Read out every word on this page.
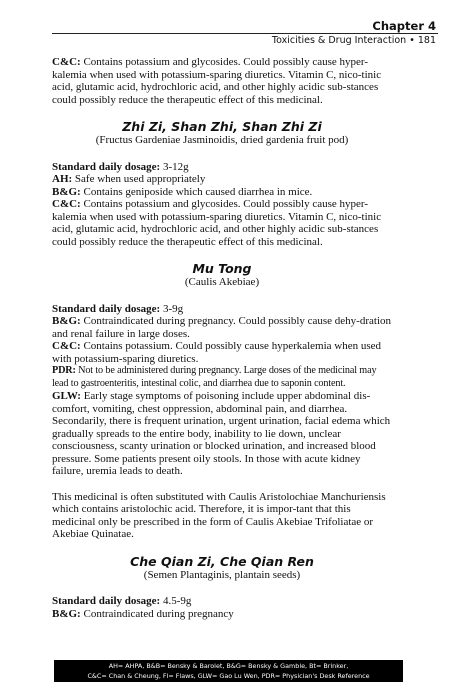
Chapter 4
Toxicities & Drug Interaction • 181

C&C: Contains potassium and glycosides. Could possibly cause hyper-kalemia when used with potassium-sparing diuretics. Vitamin C, nico-tinic acid, glutamic acid, hydrochloric acid, and other highly acidic sub-stances could possibly reduce the therapeutic effect of this medicinal.

Zhi Zi, Shan Zhi, Shan Zhi Zi

(Fructus Gardeniae Jasminoidis, dried gardenia fruit pod)

Standard daily dosage: 3-12g

AH: Safe when used appropriately

B&G: Contains geniposide which caused diarrhea in mice.

C&C: Contains potassium and glycosides. Could possibly cause hyper-kalemia when used with potassium-sparing diuretics. Vitamin C, nico-tinic acid, glutamic acid, hydrochloric acid, and other highly acidic sub-stances could possibly reduce the therapeutic effect of this medicinal.

Mu Tong

(Caulis Akebiae)

Standard daily dosage: 3-9g

B&G: Contraindicated during pregnancy. Could possibly cause dehy-dration and renal failure in large doses.

C&C: Contains potassium. Could possibly cause hyperkalemia when used with potassium-sparing diuretics.

PDR: Not to be administered during pregnancy. Large doses of the medicinal may lead to gastroenteritis, intestinal colic, and diarrhea due to saponin content.

GLW: Early stage symptoms of poisoning include upper abdominal dis-comfort, vomiting, chest oppression, abdominal pain, and diarrhea. Secondarily, there is frequent urination, urgent urination, facial edema which gradually spreads to the entire body, inability to lie down, unclear consciousness, scanty urination or blocked urination, and increased blood pressure. Some patients present oily stools. In those with acute kidney failure, uremia leads to death.

This medicinal is often substituted with Caulis Aristolochiae Manchuriensis which contains aristolochic acid. Therefore, it is impor-tant that this medicinal only be prescribed in the form of Caulis Akebiae Trifoliatae or Akebiae Quinatae.

Che Qian Zi, Che Qian Ren

(Semen Plantaginis, plantain seeds)

Standard daily dosage: 4.5-9g

B&G: Contraindicated during pregnancy

AH= AHPA, B&B= Bensky & Barolet, B&G= Bensky & Gamble, Bt= Brinker,
C&C= Chan & Cheung, Fl= Flaws, GLW= Gao Lu Wen, PDR= Physician's Desk Reference
